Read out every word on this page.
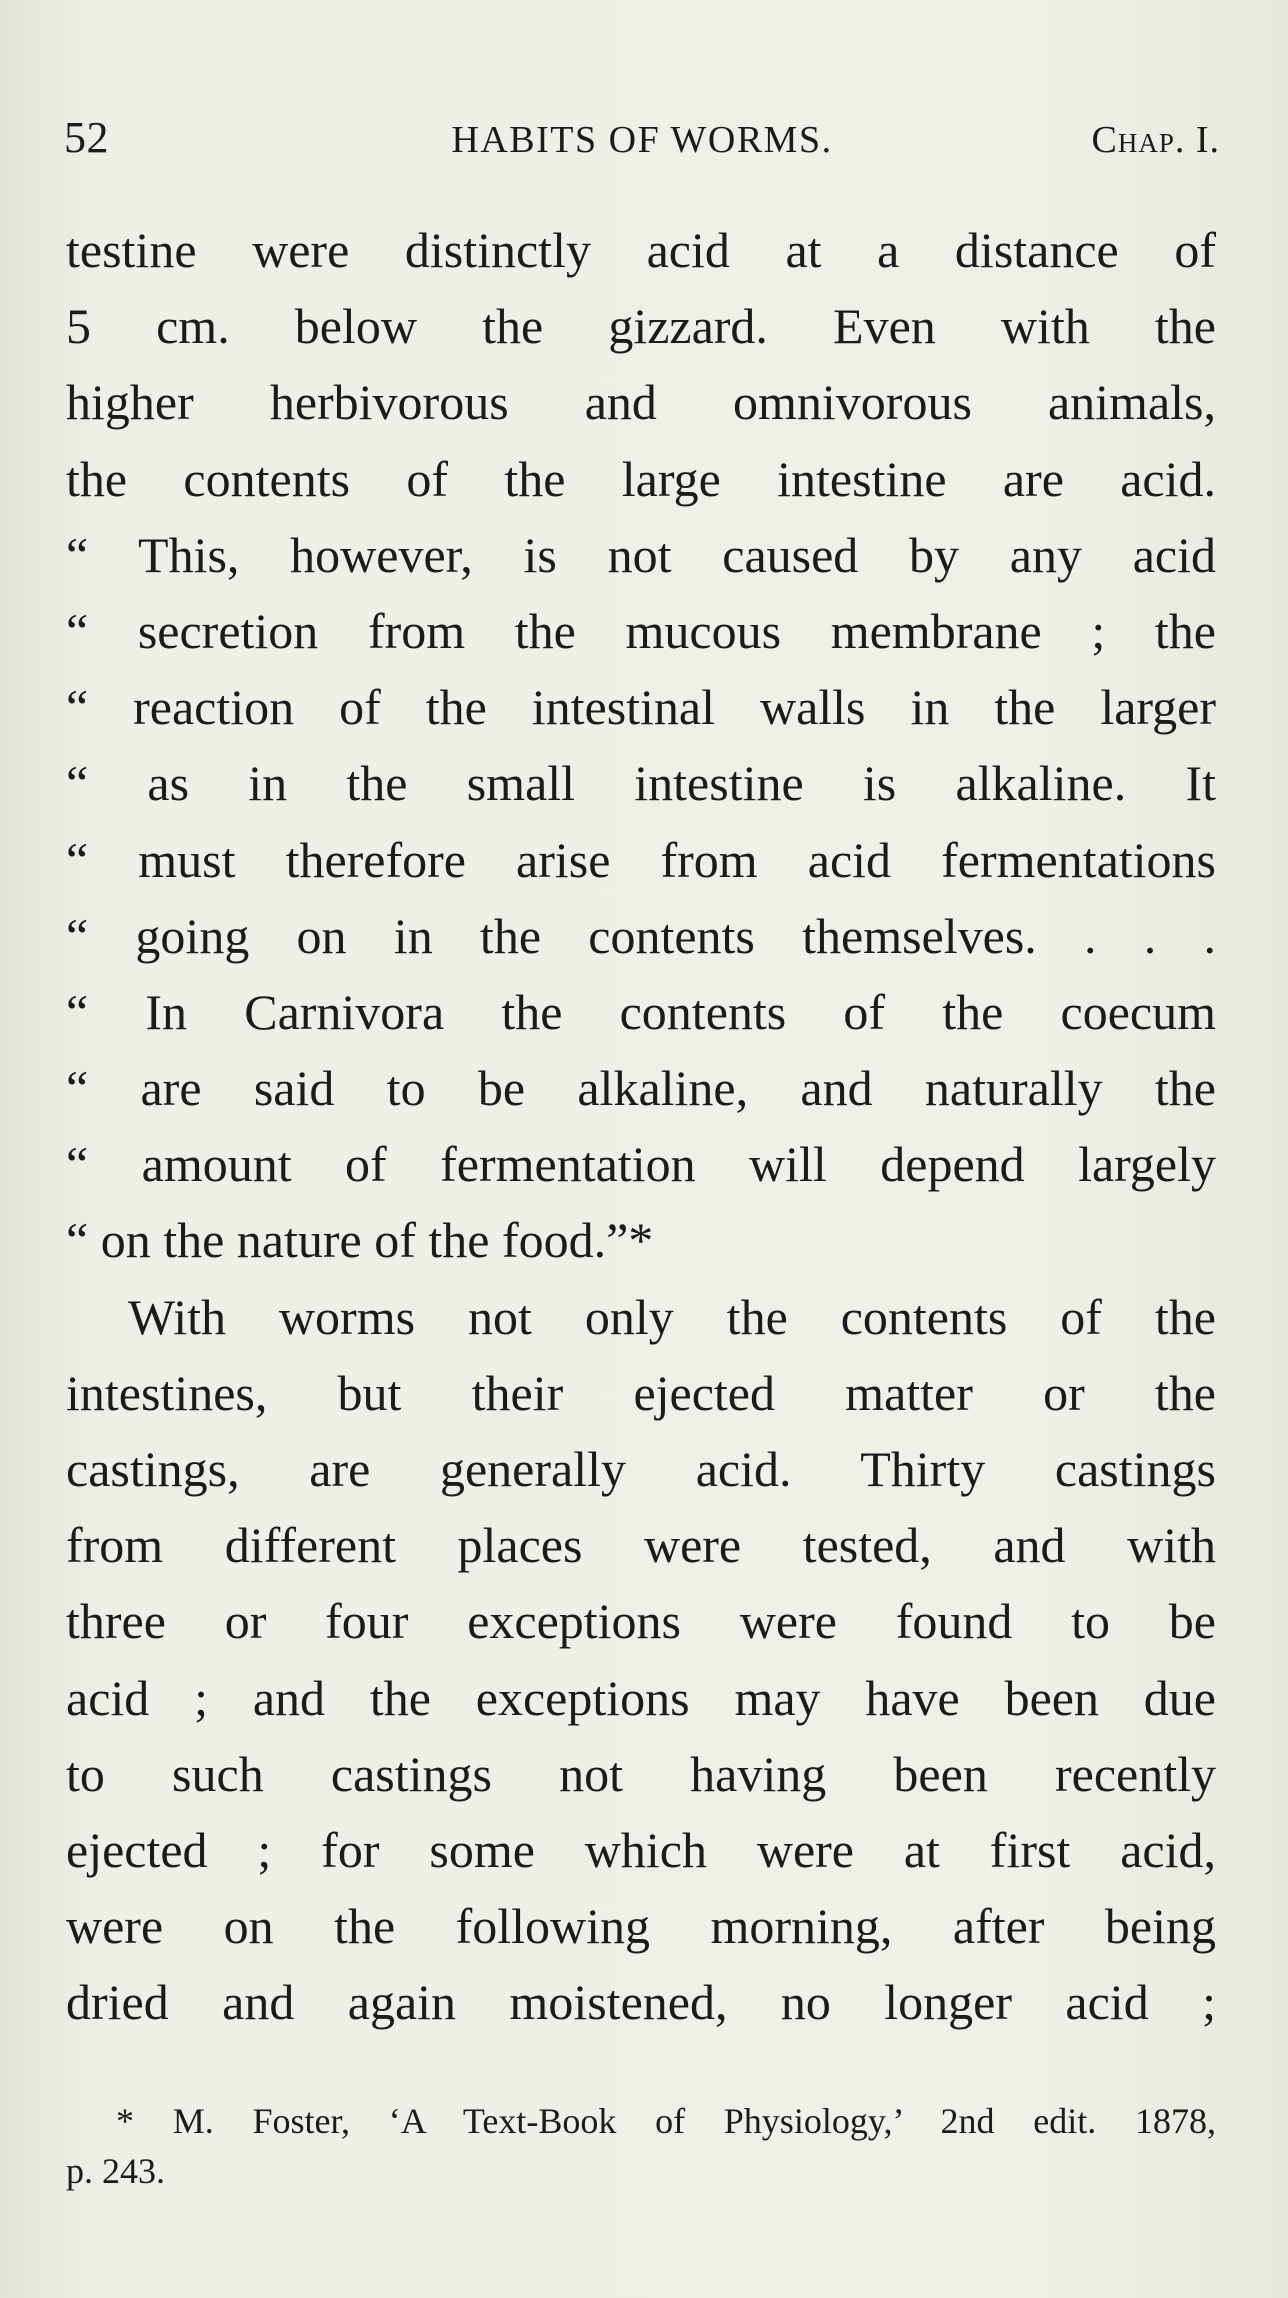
52	HABITS OF WORMS.	Chap. I.
testine were distinctly acid at a distance of
5 cm. below the gizzard. Even with the
higher herbivorous and omnivorous animals,
the contents of the large intestine are acid.
“ This, however, is not caused by any acid
“ secretion from the mucous membrane ; the
“ reaction of the intestinal walls in the larger
“ as in the small intestine is alkaline. It
“ must therefore arise from acid fermentations
“ going on in the contents themselves. . . .
“ In Carnivora the contents of the coecum
“ are said to be alkaline, and naturally the
“ amount of fermentation will depend largely
“ on the nature of the food.”*
With worms not only the contents of the
intestines, but their ejected matter or the
castings, are generally acid. Thirty castings
from different places were tested, and with
three or four exceptions were found to be
acid ; and the exceptions may have been due
to such castings not having been recently
ejected ; for some which were at first acid,
were on the following morning, after being
dried and again moistened, no longer acid ;
* M. Foster, ‘A Text-Book of Physiology,’ 2nd edit. 1878,
p. 243.
